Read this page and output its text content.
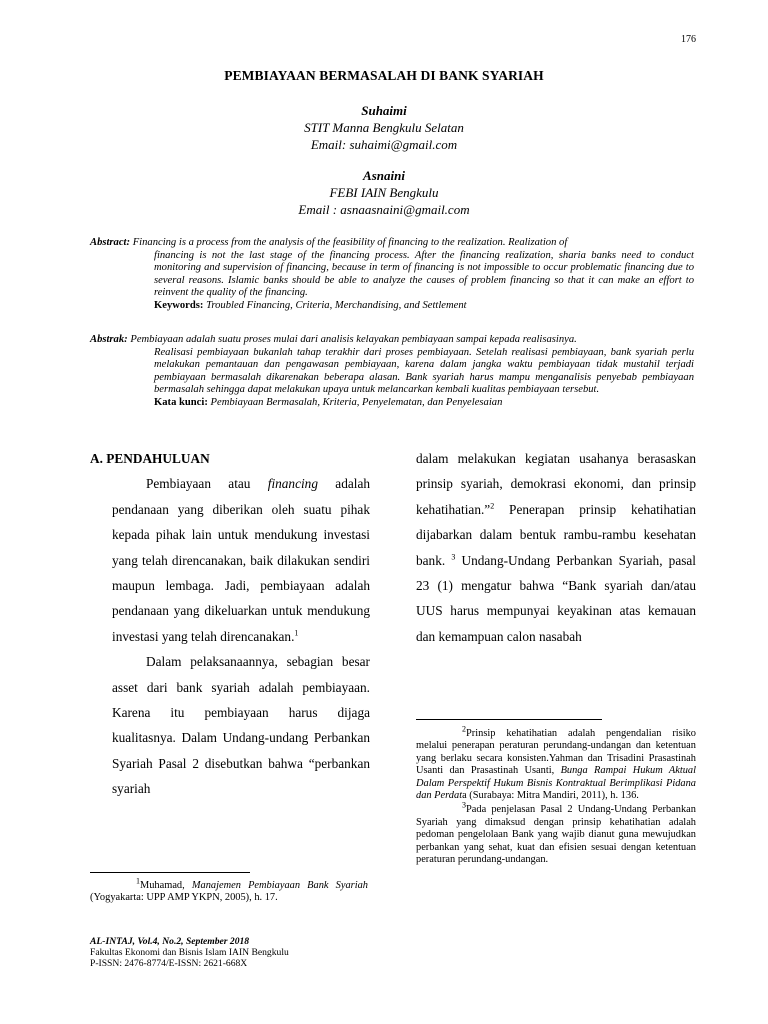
176
PEMBIAYAAN BERMASALAH DI BANK SYARIAH
Suhaimi
STIT Manna Bengkulu Selatan
Email: suhaimi@gmail.com
Asnaini
FEBI IAIN Bengkulu
Email : asnaasnaini@gmail.com
Abstract: Financing is a process from the analysis of the feasibility of financing to the realization. Realization of
financing is not the last stage of the financing process. After the financing realization, sharia banks need to conduct monitoring and supervision of financing, because in term of financing is not impossible to occur problematic financing due to several reasons. Islamic banks should be able to analyze the causes of problem financing so that it can make an effort to reinvent the quality of the financing.
Keywords: Troubled Financing, Criteria, Merchandising, and Settlement
Abstrak: Pembiayaan adalah suatu proses mulai dari analisis kelayakan pembiayaan sampai kepada realisasinya.
Realisasi pembiayaan bukanlah tahap terakhir dari proses pembiayaan. Setelah realisasi pembiayaan, bank syariah perlu melakukan pemantauan dan pengawasan pembiayaan, karena dalam jangka waktu pembiayaan tidak mustahil terjadi pembiayaan bermasalah dikarenakan beberapa alasan. Bank syariah harus mampu menganalisis penyebab pembiayaan bermasalah sehingga dapat melakukan upaya untuk melancarkan kembali kualitas pembiayaan tersebut.
Kata kunci: Pembiayaan Bermasalah, Kriteria, Penyelematan, dan Penyelesaian
A. PENDAHULUAN

Pembiayaan atau financing adalah pendanaan yang diberikan oleh suatu pihak kepada pihak lain untuk mendukung investasi yang telah direncanakan, baik dilakukan sendiri maupun lembaga. Jadi, pembiayaan adalah pendanaan yang dikeluarkan untuk mendukung investasi yang telah direncanakan.$^1$

Dalam pelaksanaannya, sebagian besar asset dari bank syariah adalah pembiayaan. Karena itu pembiayaan harus dijaga kualitasnya. Dalam Undang-undang Perbankan Syariah Pasal 2 disebutkan bahwa “perbankan syariah

dalam melakukan kegiatan usahanya berasaskan prinsip syariah, demokrasi ekonomi, dan prinsip kehatihatian.”$^2$ Penerapan prinsip kehatihatian dijabarkan dalam bentuk rambu-rambu kesehatan bank. $^3$ Undang-Undang Perbankan Syariah, pasal 23 (1) mengatur bahwa “Bank syariah dan/atau UUS harus mempunyai keyakinan atas kemauan dan kemampuan calon nasabah

$^2$Prinsip kehatihatian adalah pengendalian risiko melalui penerapan peraturan perundang-undangan dan ketentuan yang berlaku secara konsisten.Yahman dan Trisadini Prasastinah Usanti dan Prasastinah Usanti, Bunga Rampai Hukum Aktual Dalam Perspektif Hukum Bisnis Kontraktual Berimplikasi Pidana dan Perdata (Surabaya: Mitra Mandiri, 2011), h. 136.

$^3$Pada penjelasan Pasal 2 Undang-Undang Perbankan Syariah yang dimaksud dengan prinsip kehatihatian adalah pedoman pengelolaan Bank yang wajib dianut guna mewujudkan perbankan yang sehat, kuat dan efisien sesuai dengan ketentuan peraturan perundang-undangan.

$^1$Muhamad, Manajemen Pembiayaan Bank Syariah (Yogyakarta: UPP AMP YKPN, 2005), h. 17.

AL-INTAJ, Vol.4, No.2, September 2018
Fakultas Ekonomi dan Bisnis Islam IAIN Bengkulu
P-ISSN: 2476-8774/E-ISSN: 2621-668X
